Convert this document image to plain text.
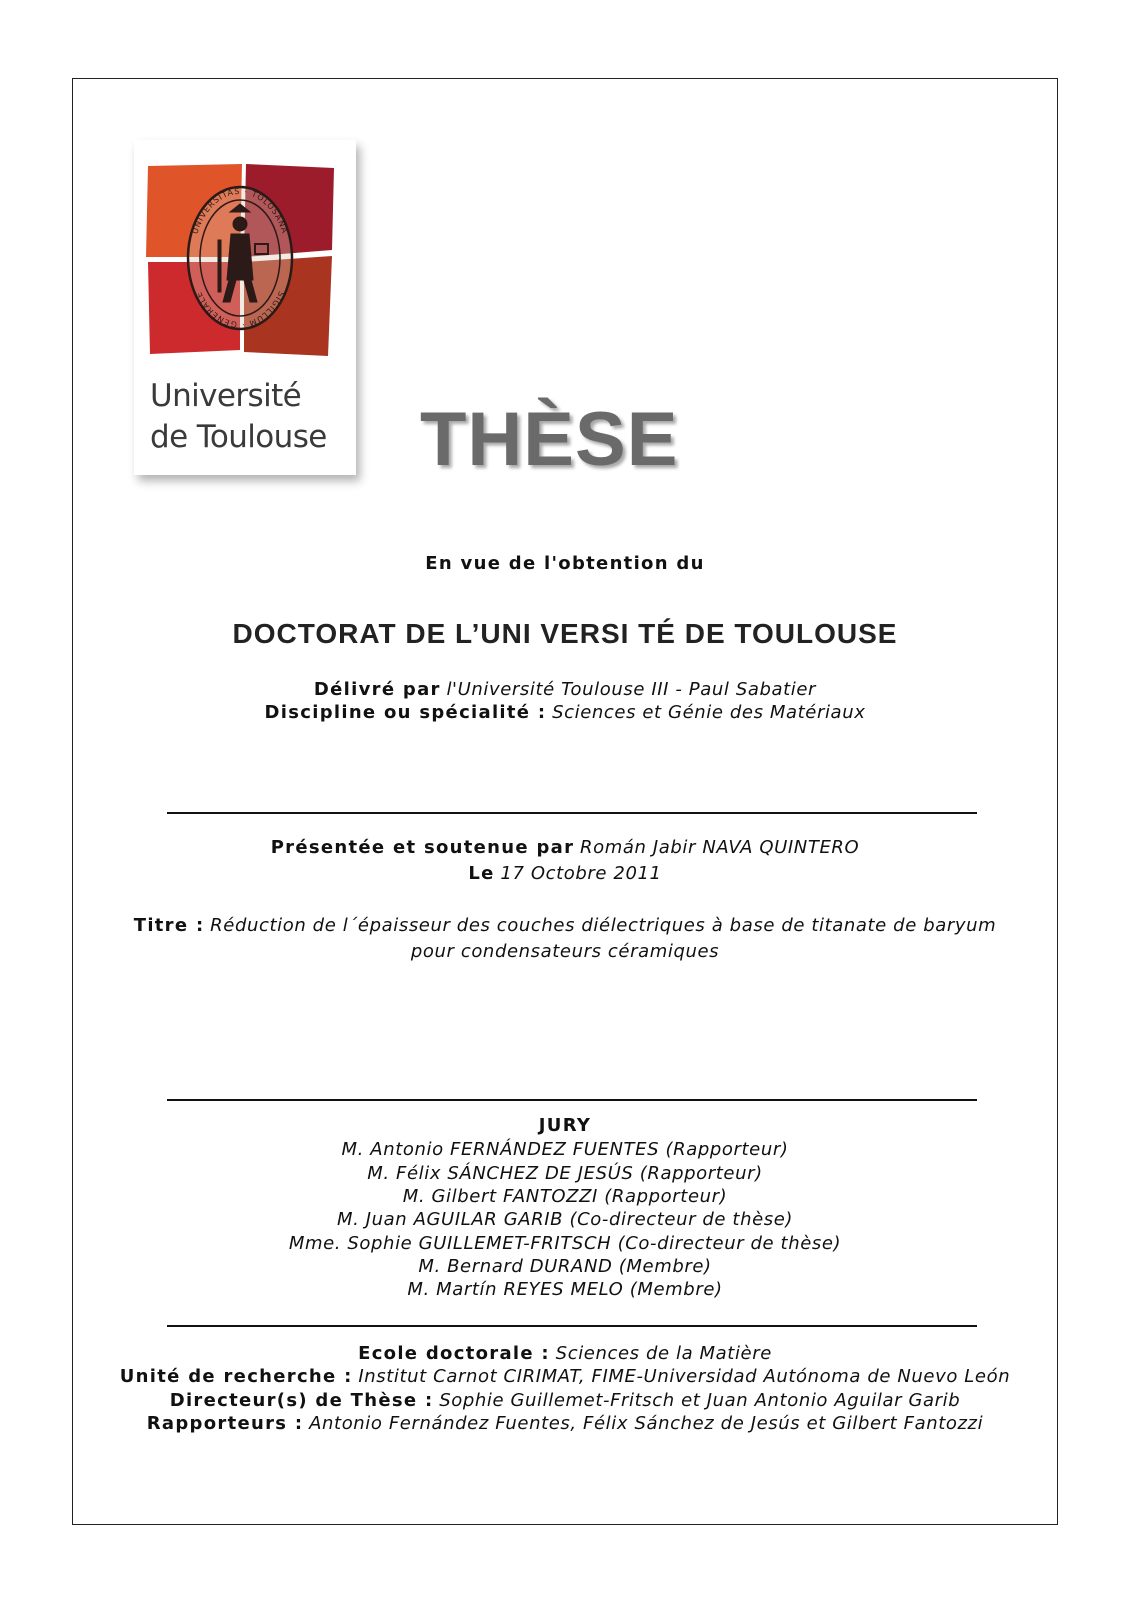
UNIVERSITAS · TOLOSANA
SIGILLUM · GENERALE
Université
de Toulouse	THÈSE
En vue de l'obtention du
DOCTORAT DE L’UNI VERSI TÉ DE TOULOUSE
Délivré par l'Université Toulouse III - Paul Sabatier
Discipline ou spécialité : Sciences et Génie des Matériaux
Présentée et soutenue par Román Jabir NAVA QUINTERO
Le 17 Octobre 2011
Titre : Réduction de l´épaisseur des couches diélectriques à base de titanate de baryum
pour condensateurs céramiques
JURY
M. Antonio FERNÁNDEZ FUENTES (Rapporteur)
M. Félix SÁNCHEZ DE JESÚS (Rapporteur)
M. Gilbert FANTOZZI (Rapporteur)
M. Juan AGUILAR GARIB (Co-directeur de thèse)
Mme. Sophie GUILLEMET-FRITSCH (Co-directeur de thèse)
M. Bernard DURAND (Membre)
M. Martín REYES MELO (Membre)
Ecole doctorale : Sciences de la Matière
Unité de recherche : Institut Carnot CIRIMAT, FIME-Universidad Autónoma de Nuevo León
Directeur(s) de Thèse : Sophie Guillemet-Fritsch et Juan Antonio Aguilar Garib
Rapporteurs : Antonio Fernández Fuentes, Félix Sánchez de Jesús et Gilbert Fantozzi
